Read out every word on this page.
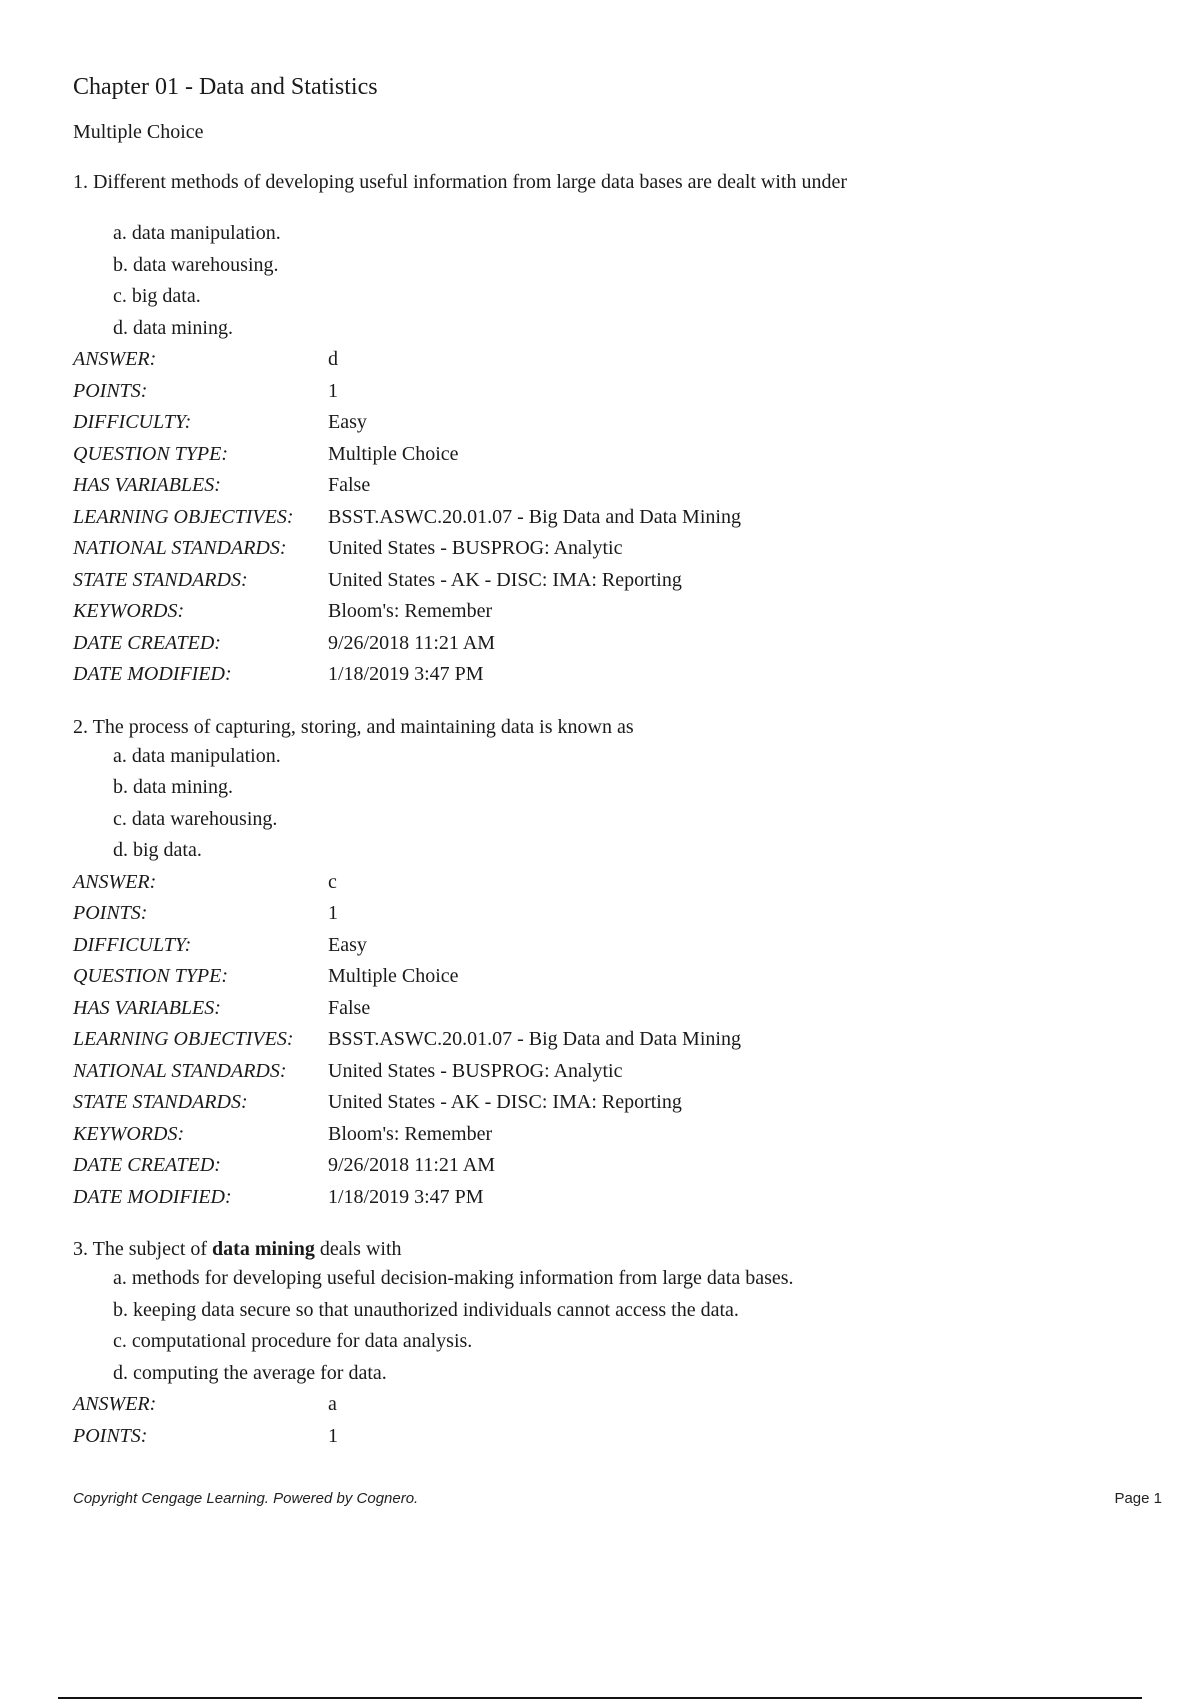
Chapter 01 - Data and Statistics
Multiple Choice
1. Different methods of developing useful information from large data bases are dealt with under
a. data manipulation.
b. data warehousing.
c. big data.
d. data mining.
ANSWER:	d
POINTS:	1
DIFFICULTY:	Easy
QUESTION TYPE:	Multiple Choice
HAS VARIABLES:	False
LEARNING OBJECTIVES:	BSST.ASWC.20.01.07 - Big Data and Data Mining
NATIONAL STANDARDS:	United States - BUSPROG: Analytic
STATE STANDARDS:	United States - AK - DISC: IMA: Reporting
KEYWORDS:	Bloom's: Remember
DATE CREATED:	9/26/2018 11:21 AM
DATE MODIFIED:	1/18/2019 3:47 PM
2. The process of capturing, storing, and maintaining data is known as
a. data manipulation.
b. data mining.
c. data warehousing.
d. big data.
ANSWER:	c
POINTS:	1
DIFFICULTY:	Easy
QUESTION TYPE:	Multiple Choice
HAS VARIABLES:	False
LEARNING OBJECTIVES:	BSST.ASWC.20.01.07 - Big Data and Data Mining
NATIONAL STANDARDS:	United States - BUSPROG: Analytic
STATE STANDARDS:	United States - AK - DISC: IMA: Reporting
KEYWORDS:	Bloom's: Remember
DATE CREATED:	9/26/2018 11:21 AM
DATE MODIFIED:	1/18/2019 3:47 PM
3. The subject of data mining deals with
a. methods for developing useful decision-making information from large data bases.
b. keeping data secure so that unauthorized individuals cannot access the data.
c. computational procedure for data analysis.
d. computing the average for data.
ANSWER:	a
POINTS:	1
Copyright Cengage Learning. Powered by Cognero.	Page 1
